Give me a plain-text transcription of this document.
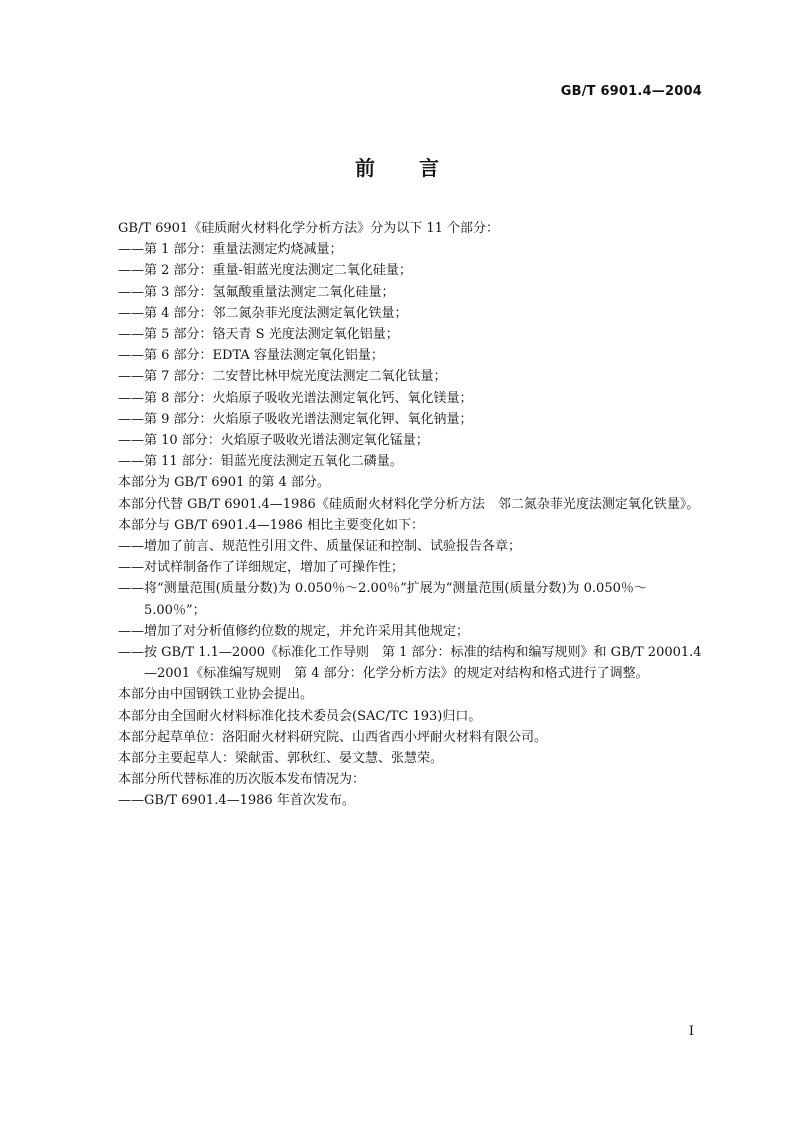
GB/T 6901.4—2004
前 言

GB/T 6901《硅质耐火材料化学分析方法》分为以下 11 个部分：

——第 1 部分：重量法测定灼烧减量；

——第 2 部分：重量-钼蓝光度法测定二氧化硅量；

——第 3 部分：氢氟酸重量法测定二氧化硅量；

——第 4 部分：邻二氮杂菲光度法测定氧化铁量；

——第 5 部分：铬天青 S 光度法测定氧化铝量；

——第 6 部分：EDTA 容量法测定氧化铝量；

——第 7 部分：二安替比林甲烷光度法测定二氧化钛量；

——第 8 部分：火焰原子吸收光谱法测定氧化钙、氧化镁量；

——第 9 部分：火焰原子吸收光谱法测定氧化钾、氧化钠量；

——第 10 部分：火焰原子吸收光谱法测定氧化锰量；

——第 11 部分：钼蓝光度法测定五氧化二磷量。

本部分为 GB/T 6901 的第 4 部分。

本部分代替 GB/T 6901.4—1986《硅质耐火材料化学分析方法　邻二氮杂菲光度法测定氧化铁量》。

本部分与 GB/T 6901.4—1986 相比主要变化如下：

——增加了前言、规范性引用文件、质量保证和控制、试验报告各章；

——对试样制备作了详细规定，增加了可操作性；

——将“测量范围(质量分数)为 0.050％～2.00％”扩展为“测量范围(质量分数)为 0.050％～5.00％”；

——增加了对分析值修约位数的规定，并允许采用其他规定；

——按 GB/T 1.1—2000《标准化工作导则　第 1 部分：标准的结构和编写规则》和 GB/T 20001.4—2001《标准编写规则　第 4 部分：化学分析方法》的规定对结构和格式进行了调整。

本部分由中国钢铁工业协会提出。

本部分由全国耐火材料标准化技术委员会(SAC/TC 193)归口。

本部分起草单位：洛阳耐火材料研究院、山西省西小坪耐火材料有限公司。

本部分主要起草人：梁献雷、郭秋红、晏文慧、张慧荣。

本部分所代替标准的历次版本发布情况为：

——GB/T 6901.4—1986 年首次发布。

I
